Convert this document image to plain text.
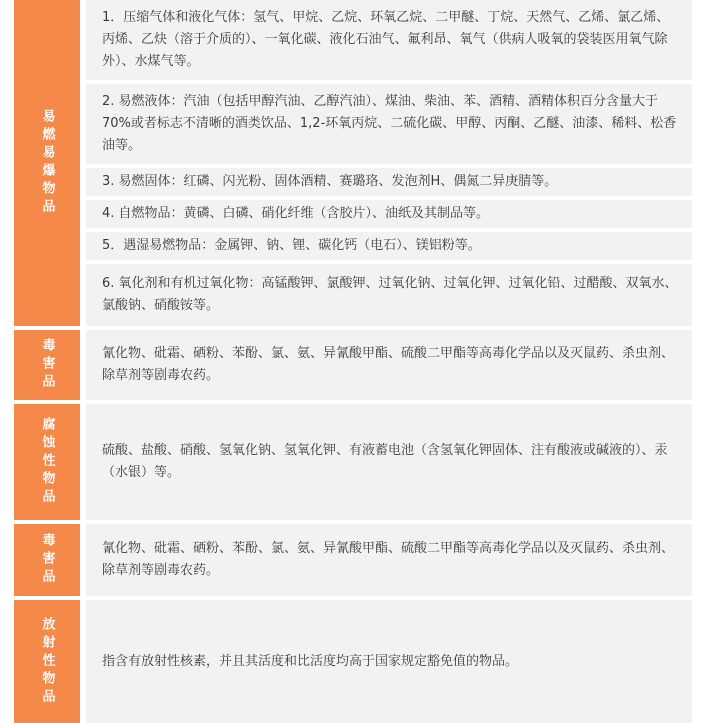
易燃易爆物品
1．压缩气体和液化气体：氢气、甲烷、乙烷、环氧乙烷、二甲醚、丁烷、天然气、乙烯、氯乙烯、丙烯、乙炔（溶于介质的）、一氧化碳、液化石油气、氟利昂、氧气（供病人吸氧的袋装医用氧气除外）、水煤气等。
2. 易燃液体：汽油（包括甲醇汽油、乙醇汽油）、煤油、柴油、苯、酒精、酒精体积百分含量大于70%或者标志不清晰的酒类饮品、1,2-环氧丙烷、二硫化碳、甲醇、丙酮、乙醚、油漆、稀料、松香油等。
3. 易燃固体：红磷、闪光粉、固体酒精、赛璐珞、发泡剂H、偶氮二异庚腈等。
4. 自燃物品：黄磷、白磷、硝化纤维（含胶片）、油纸及其制品等。
5．遇湿易燃物品：金属钾、钠、锂、碳化钙（电石）、镁铝粉等。
6. 氧化剂和有机过氧化物：高锰酸钾、氯酸钾、过氧化钠、过氧化钾、过氧化铅、过醋酸、双氧水、氯酸钠、硝酸铵等。
毒害品	氰化物、砒霜、硒粉、苯酚、氯、氨、异氰酸甲酯、硫酸二甲酯等高毒化学品以及灭鼠药、杀虫剂、除草剂等剧毒农药。
腐蚀性物品	硫酸、盐酸、硝酸、氢氧化钠、氢氧化钾、有液蓄电池（含氢氧化钾固体、注有酸液或碱液的）、汞（水银）等。
毒害品	氰化物、砒霜、硒粉、苯酚、氯、氨、异氰酸甲酯、硫酸二甲酯等高毒化学品以及灭鼠药、杀虫剂、除草剂等剧毒农药。
放射性物品	指含有放射性核素，并且其活度和比活度均高于国家规定豁免值的物品。
